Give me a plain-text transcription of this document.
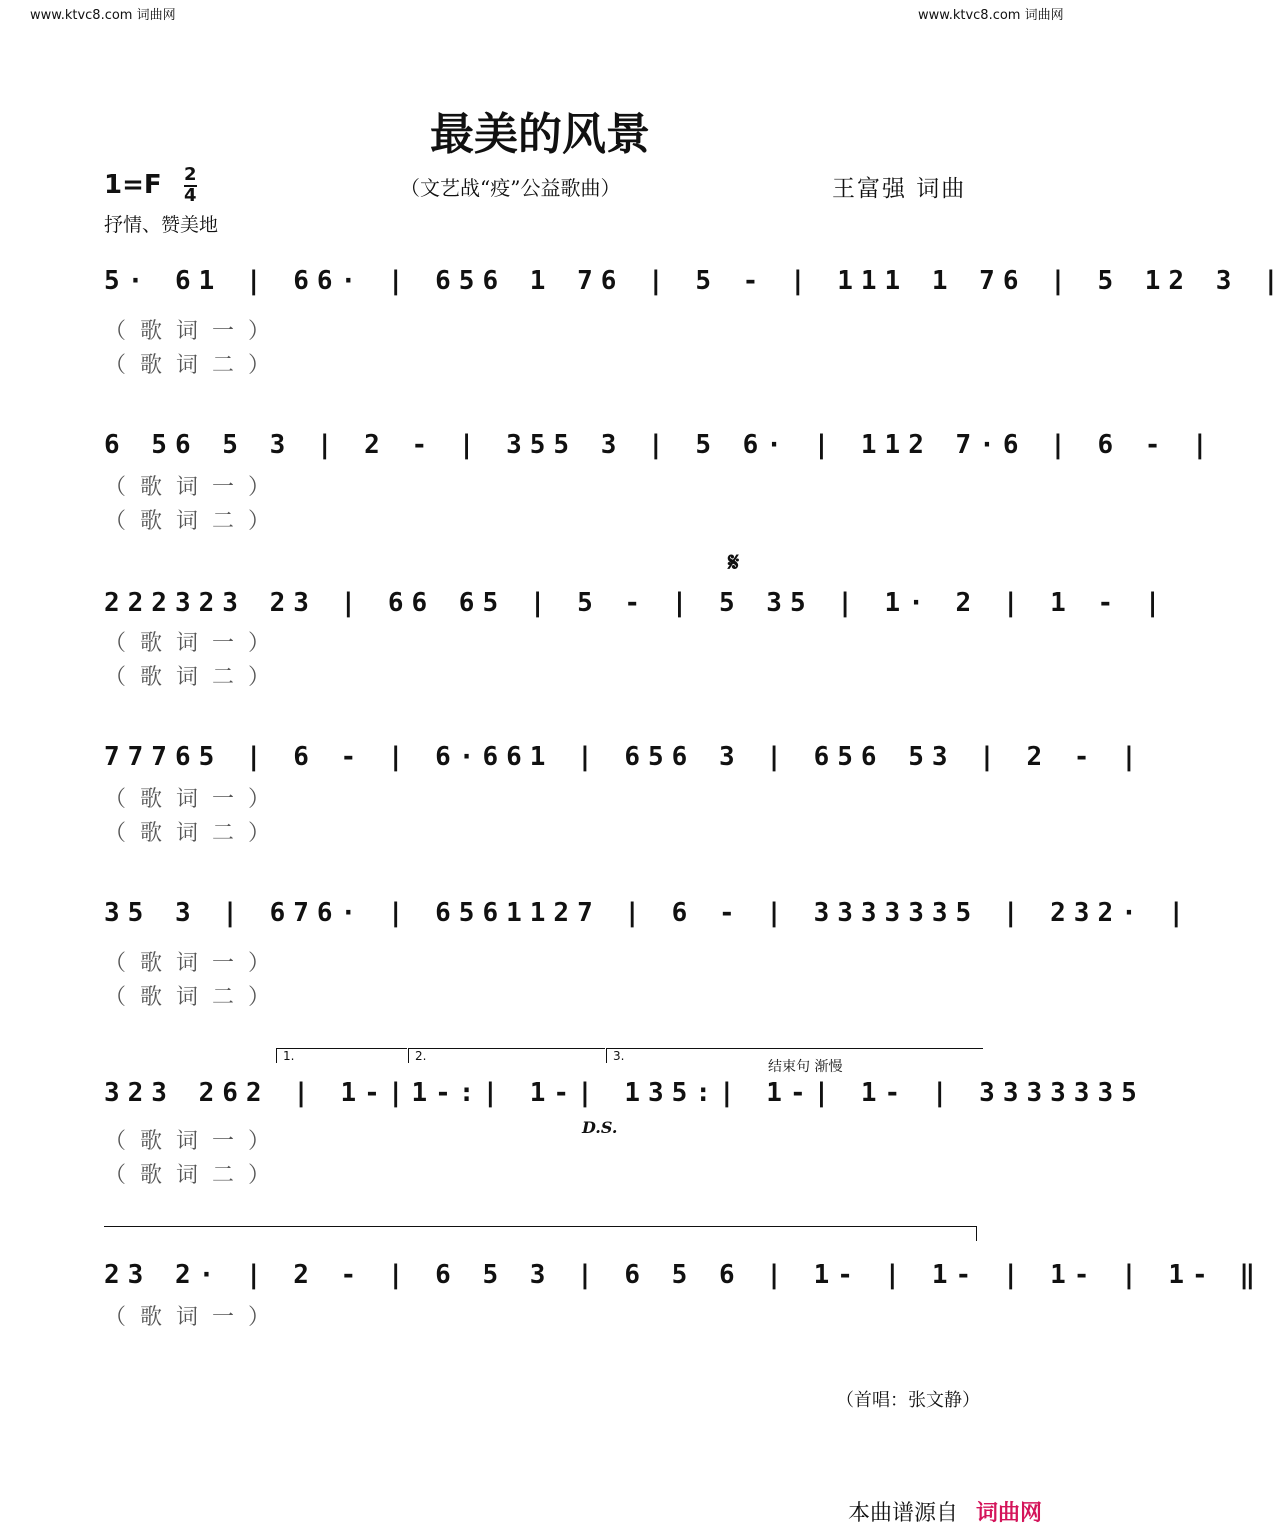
www.ktvc8.com 词曲网	www.ktvc8.com 词曲网
最美的风景
1=F 2
4	（文艺战“疫”公益歌曲）	王富强 词曲
抒情、赞美地
5· 61 | 66· | 656 1 76 | 5 - | 111 1 76 | 5 12 3 |
（歌词一）
（歌词二）
6 56 5 3 | 2 - | 355 3 | 5 6· | 112 7·6 | 6 - |
（歌词一）
（歌词二）
𝄋
222323 23 | 66 65 | 5 - | 5 35 | 1· 2 | 1 - |
（歌词一）
（歌词二）
77765 | 6 - | 6·661 | 656 3 | 656 53 | 2 - |
（歌词一）
（歌词二）
35 3 | 676· | 6561127 | 6 - | 3333335 | 232· |
（歌词一）
（歌词二）
1.	2.	3.
结束句 渐慢
323 262 | 1-|1-:| 1-| 135:| 1-| 1- | 3333335
D.S.
（歌词一）
（歌词二）
23 2· | 2 - | 6 5 3 | 6 5 6 | 1- | 1- | 1- | 1- ‖
（歌词一）
（首唱：张文静）
本曲谱源自 词曲网
